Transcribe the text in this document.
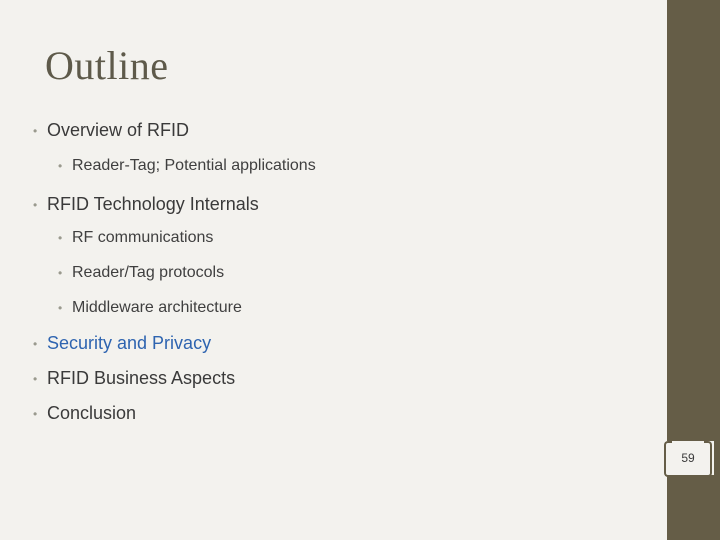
Outline
• Overview of RFID
• Reader-Tag; Potential applications
• RFID Technology Internals
• RF communications
• Reader/Tag protocols
• Middleware architecture
• Security and Privacy
• RFID Business Aspects
• Conclusion
59
